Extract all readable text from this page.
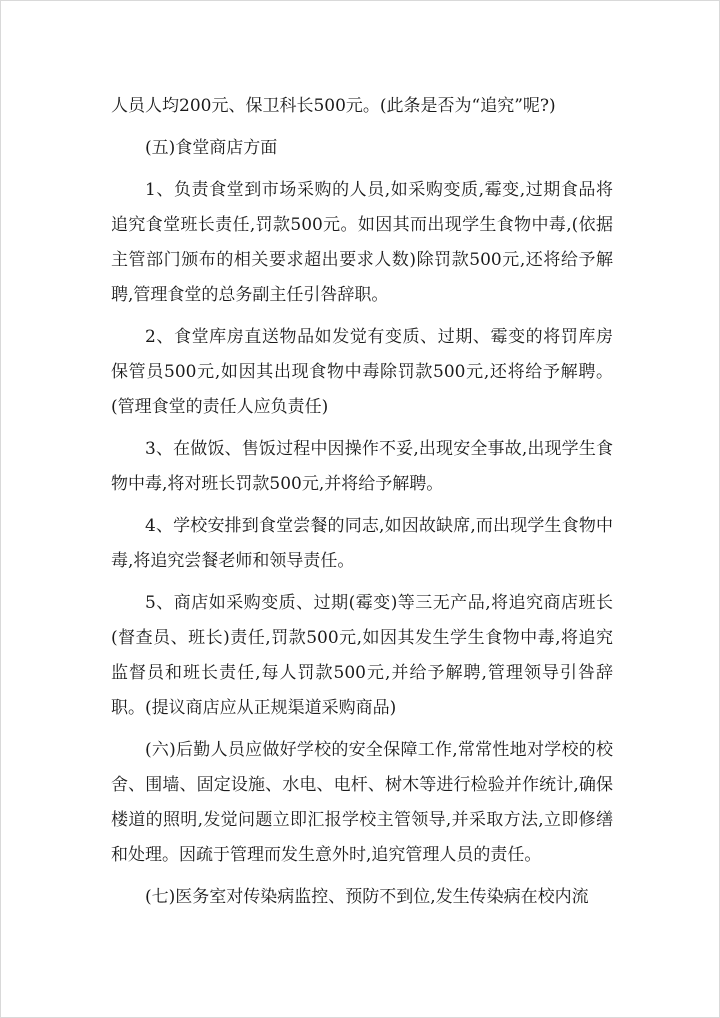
人员人均200元、保卫科长500元。(此条是否为“追究”呢?)

(五)食堂商店方面

1、负责食堂到市场采购的人员,如采购变质,霉变,过期食品将追究食堂班长责任,罚款500元。如因其而出现学生食物中毒,(依据主管部门颁布的相关要求超出要求人数)除罚款500元,还将给予解聘,管理食堂的总务副主任引咎辞职。

2、食堂库房直送物品如发觉有变质、过期、霉变的将罚库房保管员500元,如因其出现食物中毒除罚款500元,还将给予解聘。(管理食堂的责任人应负责任)

3、在做饭、售饭过程中因操作不妥,出现安全事故,出现学生食物中毒,将对班长罚款500元,并将给予解聘。

4、学校安排到食堂尝餐的同志,如因故缺席,而出现学生食物中毒,将追究尝餐老师和领导责任。

5、商店如采购变质、过期(霉变)等三无产品,将追究商店班长(督查员、班长)责任,罚款500元,如因其发生学生食物中毒,将追究监督员和班长责任,每人罚款500元,并给予解聘,管理领导引咎辞职。(提议商店应从正规渠道采购商品)

(六)后勤人员应做好学校的安全保障工作,常常性地对学校的校舍、围墙、固定设施、水电、电杆、树木等进行检验并作统计,确保楼道的照明,发觉问题立即汇报学校主管领导,并采取方法,立即修缮和处理。因疏于管理而发生意外时,追究管理人员的责任。

(七)医务室对传染病监控、预防不到位,发生传染病在校内流
